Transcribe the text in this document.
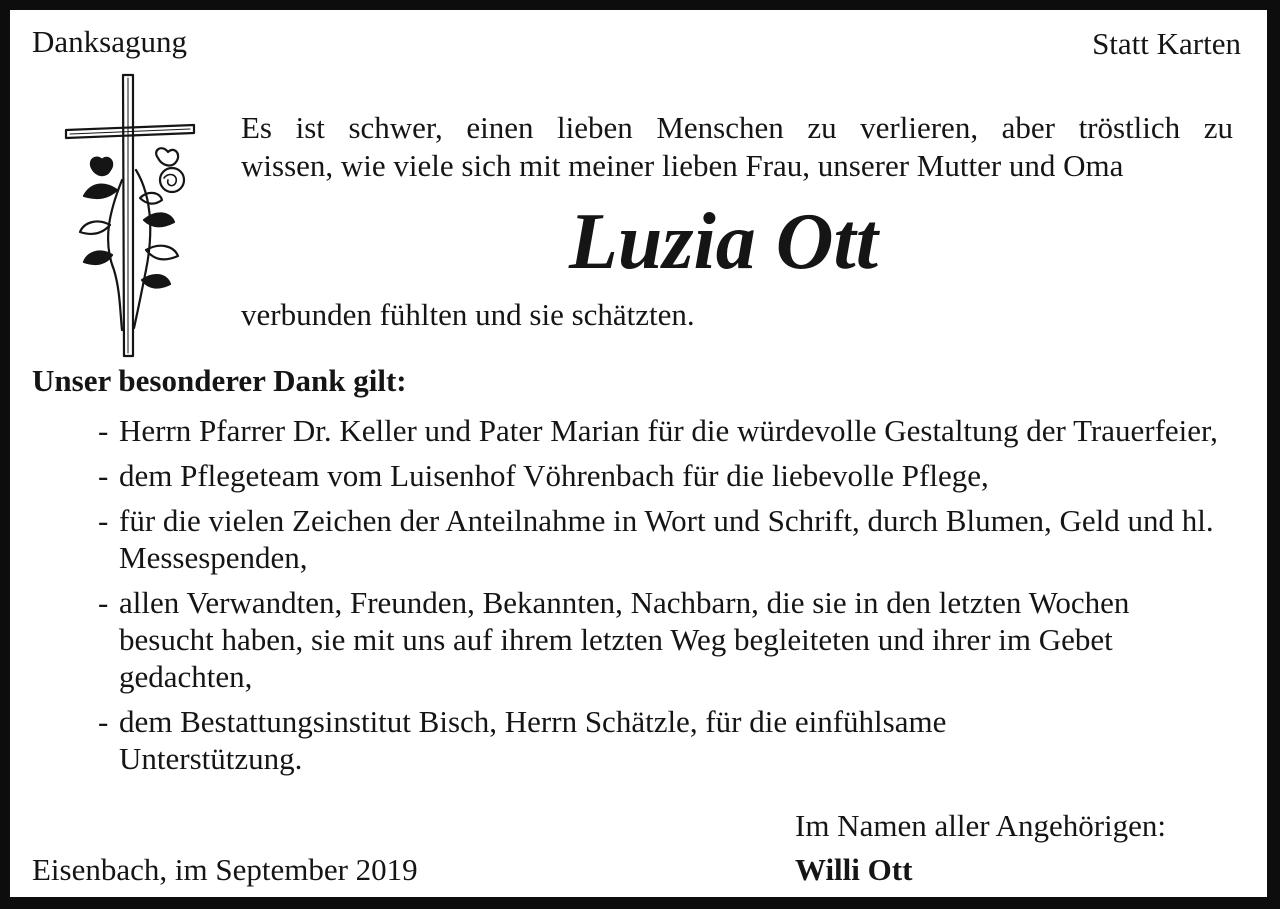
Danksagung	Statt Karten

Es ist schwer, einen lieben Menschen zu verlieren, aber tröstlich zu
wissen, wie viele sich mit meiner lieben Frau, unserer Mutter und Oma

Luzia Ott

verbunden fühlten und sie schätzten.

Unser besonderer Dank gilt:

- Herrn Pfarrer Dr. Keller und Pater Marian für die würdevolle Gestaltung der Trauerfeier,
- dem Pflegeteam vom Luisenhof Vöhrenbach für die liebevolle Pflege,
- für die vielen Zeichen der Anteilnahme in Wort und Schrift, durch Blumen, Geld und hl. Messespenden,
- allen Verwandten, Freunden, Bekannten, Nachbarn, die sie in den letzten Wochen besucht haben, sie mit uns auf ihrem letzten Weg begleiteten und ihrer im Gebet gedachten,
- dem Bestattungsinstitut Bisch, Herrn Schätzle, für die einfühlsame Unterstützung.

Im Namen aller Angehörigen:

Eisenbach, im September 2019	Willi Ott
